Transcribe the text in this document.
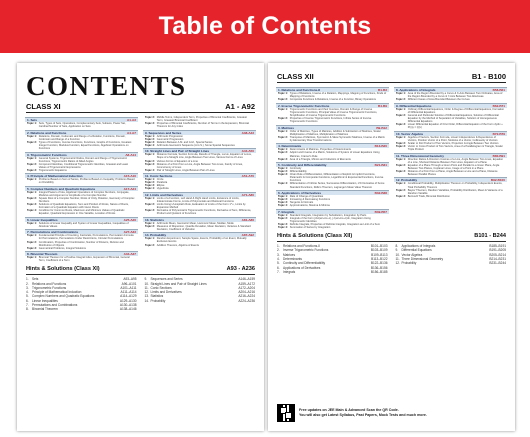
Table of Contents
CONTENTS
CLASS XI	A1 - A92
1. Sets	A1-A3
Topic 1: Sets, Types of Sets, Operations, Complementary Sets, Subsets, Power Set, Cardinal Number of Sets, Application on Sets
2. Relations and Functions	A4-A7
Topic 1: Relations, Domain, Codomain and Range of a Relation, Functions, Domain, Codomain and Range of a Function
Topic 2: Types of Functions, Inverse Functions, Functions, Graphs of Functions, Greatest Integer Function, Modulus Function, Equal Functions, Algebraic Operations on Functions
3. Trigonometric Functions	A8-A14
Topic 1: General Systems, Trigonometric Ratios, Domain and Range of Trigonometric Functions, Trigonometric Ratios of Allied Angles
Topic 2: Compound Identities, Conditional Trigonometric Identities, Greatest and Least Values of Trigonometric Expressions
Topic 3: Trigonometric Equations
4. Principle of Mathematical Induction	A15-A16
Topic 1: Problems Based on Sum of Series, Problems Based on Inequality, Problems Based on Divisibility
5. Complex Numbers and Quadratic Equations	A17-A24
Topic 1: Integral Powers of Iota, Algebraic Operations of Complex Numbers, Conjugate, Modulus and Argument or Amplitude of a Complex Number
Topic 2: Square Root of a Complex Number, Roots of Unity, Rotation, Geometry of Complex Numbers
Topic 3: Solutions of Quadratic Equations, Sum and Product of Roots, Nature of Roots, Formation of a Quadratic Equation with Given Roots
Topic 4: Condition for Common Roots, Maximum and Minimum Values of Quadratic Equation, Quadratic Expression in One Variable, Location of Roots
6. Linear Inequalities	A25-A26
Topic 1: Solutions of Linear Inequality and System of Linear Inequalities, Inequalities of Absolute Values
7. Permutations and Combinations	A27-A33
Topic 1: Fundamental Principle of Counting, Factorials, Permutations, Permutation Formula for Permutations, Permutations Under Restrictions, Circular Permutations
Topic 2: Combination, Properties of Combination, Number of Divisors, Division and Distribution of Objects
Topic 3: Geometrical Problems, Integral Solutions
8. Binomial Theorem	A34-A37
Topic 1: Binomial Theorem for a Positive Integral Index, Expansion of Binomial, General Term, Coefficient of a Term
Topic 2: Middle Terms, Independent Term, Properties of Binomial Coefficients, Greatest Term, Greatest Binomial Coefficient
Topic 3: Properties of Binomial Coefficients, Number of Terms in the Expansion, Binomial Theorem for Any Index
9. Sequences and Series	A38-A43
Topic 1: Arithmetic Progression
Topic 2: Geometric Progression
Topic 3: Relation Between A.M. and G.M., Special Series
Topic 4: Arithmetic-Geometric Sequence (A.G.S.), Some Special Sequences
10. Straight Lines and Pair of Straight Lines	A44-A50
Topic 1: Distance Formula, Section Formula, Results of Triangle, Locus, Equation of Locus, Slope of a Straight Line, Angle Between Two Lines, Various Forms of Lines
Topic 2: Various Forms of Equation of a Line
Topic 3: Distance of a Point from a Line, Angle Between Two Lines, Family of Lines, Concurrency of Lines
Topic 4: Pair of Straight Lines, Angle Between Pair of Lines
11. Conic Sections	A51-A70
Topic 1: Circle
Topic 2: Parabola
Topic 3: Ellipse
Topic 4: Hyperbola
12. Limits and Derivatives	A71-A80
Topic 1: Limits of a Function, Left Hand & Right Hand Limits, Existence of Limits, Indeterminate Forms, Limits of Polynomials and Rational Functions
Topic 2: Limits Using L'Hospital's Rule, Evaluation of Limits of the Form 1^∞, Limits by Expansion Method
Topic 3: Derivative of Polynomial & Trigonometric Functions, Derivative of Sum, Difference, Product and Quotient of Functions
13. Statistics	A81-A86
Topic 1: Arithmetic Mean, Geometric Mean, Harmonic Mean, Median, Mode
Topic 2: Measures of Dispersion, Quartile Deviation, Mean Deviation, Variance & Standard Deviation, Coefficient of Variation
14. Probability	A87-A92
Topic 1: Random Experiment, Sample Space, Events, Probability of an Event, Mutually Exclusive Events
Topic 2: Addition Theorem, Algebra of Events
Hints & Solutions (Class XI)	A93 - A236
1.	Sets	A93–A95
2.	Relations and Functions	A96–A101
3.	Trigonometric Functions	A101–A111
4.	Principle of Mathematical Induction	A111–A114
5.	Complex Numbers and Quadratic Equations	A114–A129
6.	Linear Inequalities	A129–A130
7.	Permutations and Combinations	A130–A138
8.	Binomial Theorem	A138–A146
9.	Sequences and Series	A146–A159
10. Straight Lines and Pair of Straight Lines	A159–A172
11. Conic Sections	A172–A204
12. Limits and Derivatives	A204–A216
13. Statistics	A216–A224
14. Probability	A224–A236
CLASS XII	B1 - B100
1. Relations and Functions-II	B1-B3
Topic 1: Types of Relations, Inverse of a Relation, Mappings, Mapping of Functions, Kinds of Mapping of Functions
Topic 2: Composite Functions & Relations, Inverse of a Function, Binary Operations
2. Inverse Trigonometric Functions	B4-B9
Topic 1: Trigonometric Functions and their Inverses, Domain & Range of Inverse Trigonometric Functions, Principal Value of Inverse Trigonometric Functions, Simplification of Inverse Trigonometric Functions
Topic 2: Properties of Inverse Trigonometric Functions, Infinite Series of Inverse Trigonometric Functions
3. Matrices	B9-B12
Topic 1: Order of Matrices, Types of Matrices, Addition & Subtraction of Matrices, Scalar Multiplication of Matrices, Multiplication of Matrices
Topic 2: Transpose of Matrices, Symmetric & Skew Symmetric Matrices, Inverse of a Matrix by Elementary Row Transformations
4. Determinants	B13-B20
Topic 1: Determinants of Matrices, Properties of Determinants
Topic 2: Adjoint and Inverse of a Matrix, Solutions of System of Linear Equations Using Matrices, Cramer's Rule
Topic 3: Area of a Triangle, Minors and Cofactors of Elements
5. Continuity and Differentiability	B21-B31
Topic 1: Continuity
Topic 2: Differentiability
Topic 3: Chain Rule of Differentiation, Differentiation of Explicit & Implicit Functions, Parametric & Composite Functions, Logarithmic & Exponential Functions, Inverse Functions
Topic 4: Differentiation of Infinite Series, Successive Differentiation, n'th Derivative of Some Standard Functions, Rolle's Theorem, Lagrange's Mean Value Theorem
6. Applications of Derivatives	B32-B38
Topic 1: Rate of Change of Quantities
Topic 2: Increasing & Decreasing Functions
Topic 3: Tangents & Normals
Topic 4: Approximations, Maxima & Minima
7. Integrals	B39-B57
Topic 1: Standard Integrals, Integration by Substitution, Integration by Parts
Topic 2: Integrals of the Form ∫dx/(ax²+bx+c), ∫√(ax²+bx+c)dx, Integration Using Trigonometric Identities
Topic 3: Definite Integrals, Properties of Definite Integrals, Integration as Limit of a Sum
Topic 4: Summation of Series by Integration
8. Applications of Integrals	B58-B61
Topic 1: Area of the Region Bounded by a Curve & X-Axis Between Two Ordinates, Area of the Region Bounded by a Curve & Y-Axis Between Two Abscissas
Topic 2: Different Cases of Area Bounded Between the Curves
9. Differential Equations	B62-B71
Topic 1: Ordinary Differential Equations, Order & Degree of Differential Equations, Formation of Differential Equations
Topic 2: General and Particular Solution of Differential Equations, Solution of Differential Equation by the Method of Separation of Variables, Solution of Homogeneous Differential Equations
Topic 3: Linear Differential Equation of First Order, Differential Equation of the Form dy/dx + P(x)y = Q(x)
10. Vector Algebra	B72-B79
Topic 1: Algebra of Vectors, Section Formula, Linear Independence & Dependence of Vectors, Position Vector of a Point, Modulus of a Vector, Collinearity of Vectors
Topic 2: Scalar or Dot Product of Two Vectors, Projection & Angle Between Two Vectors
Topic 3: Vector or Cross Product of Two Vectors, Area of a Parallelogram & Triangle, Scalar Triple Product
11. Three Dimensional Geometry	B80-B91
Topic 1: Direction Ratios & Direction Cosines of a Line, Angle Between Two Lines, Equation of a Line, Shortest Distance Between Two Lines, Equation of a Plane
Topic 2: Equation of a Plane Through a Given Point and Parallel to a Given Plane, Angle Between Two Planes, Coplanar Lines, Image of a Point in a Plane
Topic 3: Distance of a Point from a Plane, Angle Between a Line and a Plane, Distance Between Parallel Planes
12. Probability	B92-B100
Topic 1: Conditional Probability, Multiplication Theorem on Probability, Independent Events, Total Probability Theorem
Topic 2: Bayes' Theorem, Random Variables, Probability Distribution, Mean & Variance of a Random Variable
Topic 3: Bernoulli Trials, Binomial Distribution
Hints & Solutions (Class XII)	B101 - B244
1.	Relations and Functions-II	B101–B103
2.	Inverse Trigonometric Functions	B103–B109
3.	Matrices	B109–B113
4.	Determinants	B113–B122
5.	Continuity and Differentiability	B122–B136
6.	Applications of Derivatives	B136–B156
7.	Integrals	B156–B185
8.	Applications of Integrals	B185–B191
9.	Differential Equations	B191–B205
10. Vector Algebra	B205–B214
11. Three Dimensional Geometry	B214–B231
12. Probability	B231–B244
Free updates on JEE Main & Advanced Scan the QR Code.
You will also get Latest Syllabus, Past Papers, Mock Tests and much more.
